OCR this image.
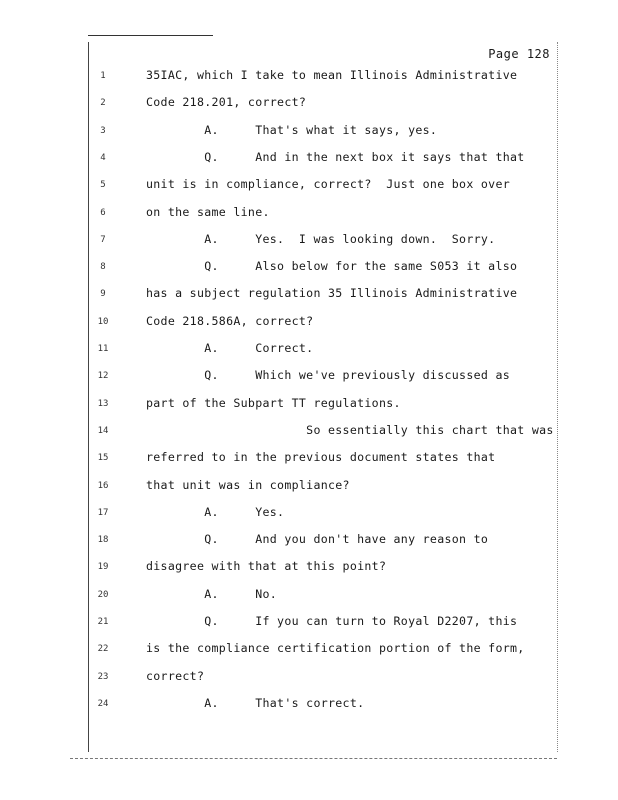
Page 128
1	35IAC, which I take to mean Illinois Administrative
2	Code 218.201, correct?
3	A.     That's what it says, yes.
4	Q.     And in the next box it says that that
5	unit is in compliance, correct?  Just one box over
6	on the same line.
7	A.     Yes.  I was looking down.  Sorry.
8	Q.     Also below for the same S053 it also
9	has a subject regulation 35 Illinois Administrative
10	Code 218.586A, correct?
11	A.     Correct.
12	Q.     Which we've previously discussed as
13	part of the Subpart TT regulations.
14	So essentially this chart that was
15	referred to in the previous document states that
16	that unit was in compliance?
17	A.     Yes.
18	Q.     And you don't have any reason to
19	disagree with that at this point?
20	A.     No.
21	Q.     If you can turn to Royal D2207, this
22	is the compliance certification portion of the form,
23	correct?
24	A.     That's correct.
